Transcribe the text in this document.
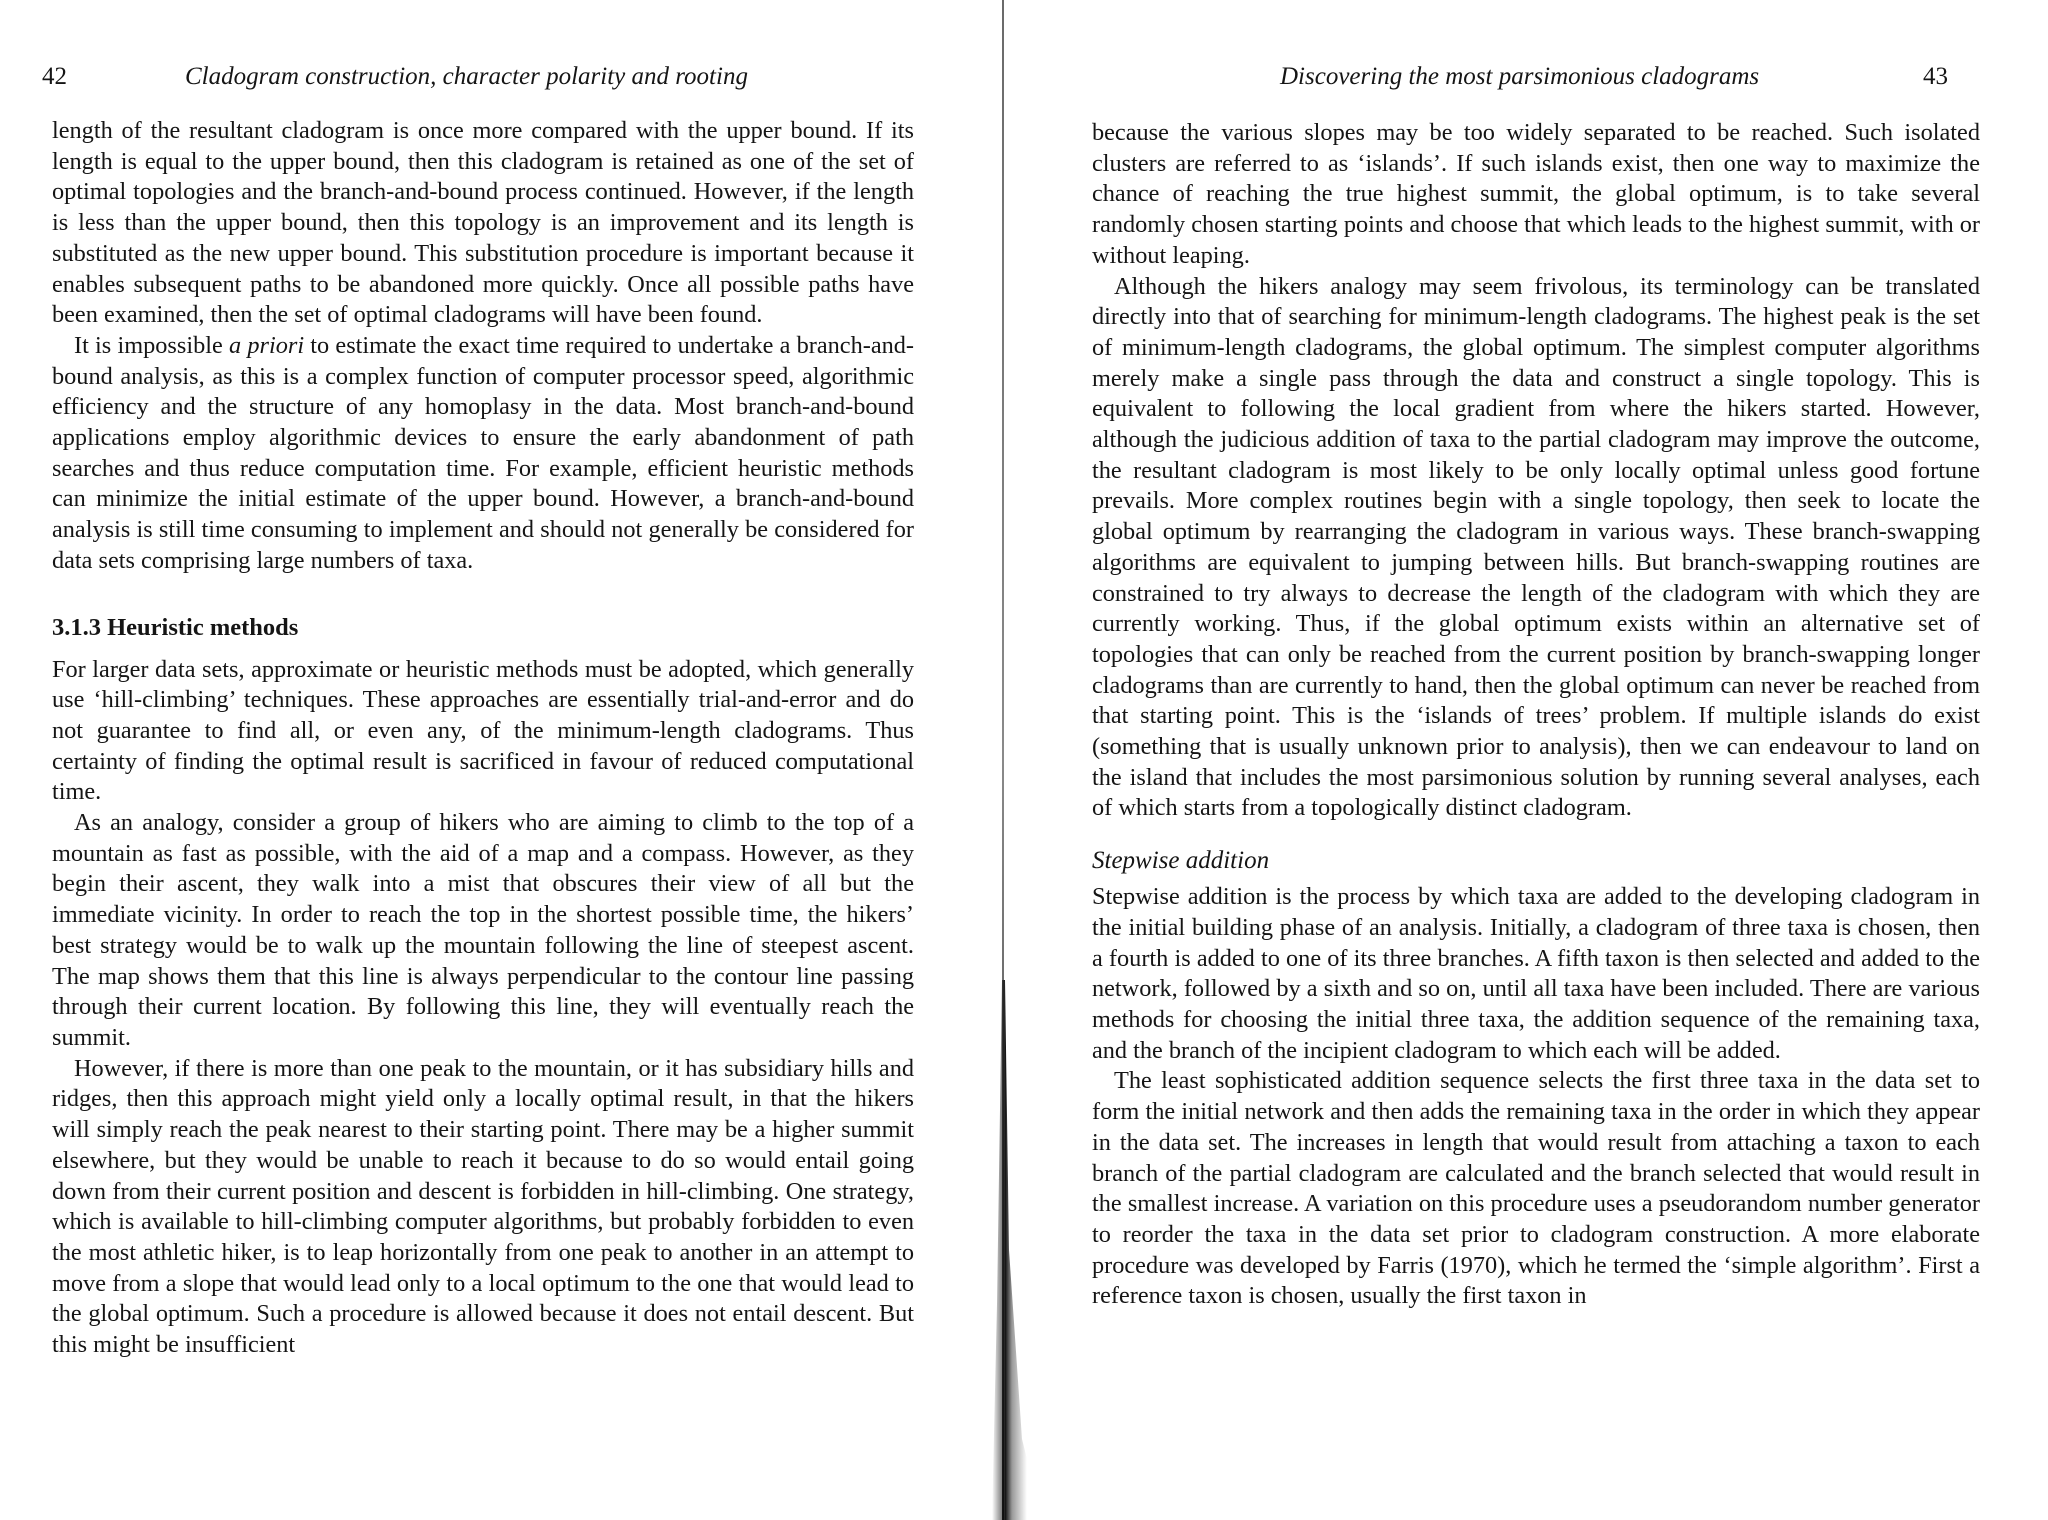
42	Cladogram construction, character polarity and rooting

length of the resultant cladogram is once more compared with the upper bound. If its length is equal to the upper bound, then this cladogram is retained as one of the set of optimal topologies and the branch-and-bound process continued. However, if the length is less than the upper bound, then this topology is an improvement and its length is substituted as the new upper bound. This substitution procedure is important because it enables subsequent paths to be abandoned more quickly. Once all possible paths have been examined, then the set of optimal cladograms will have been found.

It is impossible a priori to estimate the exact time required to undertake a branch-and-bound analysis, as this is a complex function of computer processor speed, algorithmic efficiency and the structure of any homoplasy in the data. Most branch-and-bound applications employ algorithmic devices to ensure the early abandonment of path searches and thus reduce computation time. For example, efficient heuristic methods can minimize the initial estimate of the upper bound. However, a branch-and-bound analysis is still time consuming to implement and should not generally be considered for data sets comprising large numbers of taxa.

3.1.3 Heuristic methods

For larger data sets, approximate or heuristic methods must be adopted, which generally use ‘hill-climbing’ techniques. These approaches are essentially trial-and-error and do not guarantee to find all, or even any, of the minimum-length cladograms. Thus certainty of finding the optimal result is sacrificed in favour of reduced computational time.

As an analogy, consider a group of hikers who are aiming to climb to the top of a mountain as fast as possible, with the aid of a map and a compass. However, as they begin their ascent, they walk into a mist that obscures their view of all but the immediate vicinity. In order to reach the top in the shortest possible time, the hikers’ best strategy would be to walk up the mountain following the line of steepest ascent. The map shows them that this line is always perpendicular to the contour line passing through their current location. By following this line, they will eventually reach the summit.

However, if there is more than one peak to the mountain, or it has subsidiary hills and ridges, then this approach might yield only a locally optimal result, in that the hikers will simply reach the peak nearest to their starting point. There may be a higher summit elsewhere, but they would be unable to reach it because to do so would entail going down from their current position and descent is forbidden in hill-climbing. One strategy, which is available to hill-climbing computer algorithms, but probably forbidden to even the most athletic hiker, is to leap horizontally from one peak to another in an attempt to move from a slope that would lead only to a local optimum to the one that would lead to the global optimum. Such a procedure is allowed because it does not entail descent. But this might be insufficient

Discovering the most parsimonious cladograms	43

because the various slopes may be too widely separated to be reached. Such isolated clusters are referred to as ‘islands’. If such islands exist, then one way to maximize the chance of reaching the true highest summit, the global optimum, is to take several randomly chosen starting points and choose that which leads to the highest summit, with or without leaping.

Although the hikers analogy may seem frivolous, its terminology can be translated directly into that of searching for minimum-length cladograms. The highest peak is the set of minimum-length cladograms, the global optimum. The simplest computer algorithms merely make a single pass through the data and construct a single topology. This is equivalent to following the local gradient from where the hikers started. However, although the judicious addition of taxa to the partial cladogram may improve the outcome, the resultant cladogram is most likely to be only locally optimal unless good fortune prevails. More complex routines begin with a single topology, then seek to locate the global optimum by rearranging the cladogram in various ways. These branch-swapping algorithms are equivalent to jumping between hills. But branch-swapping routines are constrained to try always to decrease the length of the cladogram with which they are currently working. Thus, if the global optimum exists within an alternative set of topologies that can only be reached from the current position by branch-swapping longer cladograms than are currently to hand, then the global optimum can never be reached from that starting point. This is the ‘islands of trees’ problem. If multiple islands do exist (something that is usually unknown prior to analysis), then we can endeavour to land on the island that includes the most parsimonious solution by running several analyses, each of which starts from a topologically distinct cladogram.

Stepwise addition

Stepwise addition is the process by which taxa are added to the developing cladogram in the initial building phase of an analysis. Initially, a cladogram of three taxa is chosen, then a fourth is added to one of its three branches. A fifth taxon is then selected and added to the network, followed by a sixth and so on, until all taxa have been included. There are various methods for choosing the initial three taxa, the addition sequence of the remaining taxa, and the branch of the incipient cladogram to which each will be added.

The least sophisticated addition sequence selects the first three taxa in the data set to form the initial network and then adds the remaining taxa in the order in which they appear in the data set. The increases in length that would result from attaching a taxon to each branch of the partial cladogram are calculated and the branch selected that would result in the smallest increase. A variation on this procedure uses a pseudorandom number generator to reorder the taxa in the data set prior to cladogram construction. A more elaborate procedure was developed by Farris (1970), which he termed the ‘simple algorithm’. First a reference taxon is chosen, usually the first taxon in
